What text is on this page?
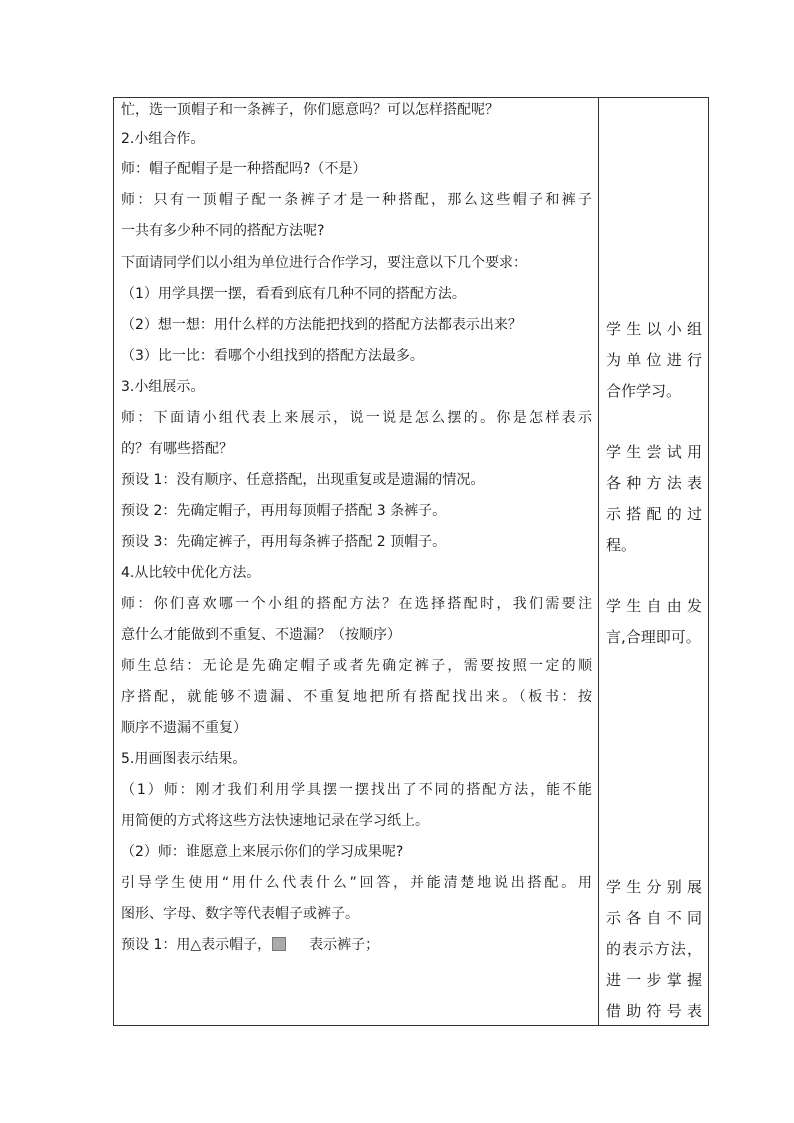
忙，选一顶帽子和一条裤子，你们愿意吗？可以怎样搭配呢？
2.小组合作。
师：帽子配帽子是一种搭配吗?（不是）
师：只有一顶帽子配一条裤子才是一种搭配，那么这些帽子和裤子
一共有多少种不同的搭配方法呢?
下面请同学们以小组为单位进行合作学习，要注意以下几个要求：
（1）用学具摆一摆，看看到底有几种不同的搭配方法。
（2）想一想：用什么样的方法能把找到的搭配方法都表示出来？
（3）比一比：看哪个小组找到的搭配方法最多。
3.小组展示。
师：下面请小组代表上来展示，说一说是怎么摆的。你是怎样表示
的？有哪些搭配？
预设 1：没有顺序、任意搭配，出现重复或是遗漏的情况。
预设 2：先确定帽子，再用每顶帽子搭配 3 条裤子。
预设 3：先确定裤子，再用每条裤子搭配 2 顶帽子。
4.从比较中优化方法。
师：你们喜欢哪一个小组的搭配方法？在选择搭配时，我们需要注
意什么才能做到不重复、不遗漏？（按顺序）
师生总结：无论是先确定帽子或者先确定裤子，需要按照一定的顺
序搭配，就能够不遗漏、不重复地把所有搭配找出来。（板书：按
顺序不遗漏不重复）
5.用画图表示结果。
（1）师：刚才我们利用学具摆一摆找出了不同的搭配方法，能不能
用简便的方式将这些方法快速地记录在学习纸上。
（2）师：谁愿意上来展示你们的学习成果呢?
引导学生使用“用什么代表什么”回答，并能清楚地说出搭配。用
图形、字母、数字等代表帽子或裤子。
预设 1：用△表示帽子，	表示裤子；
学生以小组
为单位进行
合作学习。
学生尝试用
各种方法表
示搭配的过
程。
学生自由发
言,合理即可。
学生分别展
示各自不同
的表示方法，
进一步掌握
借助符号表
